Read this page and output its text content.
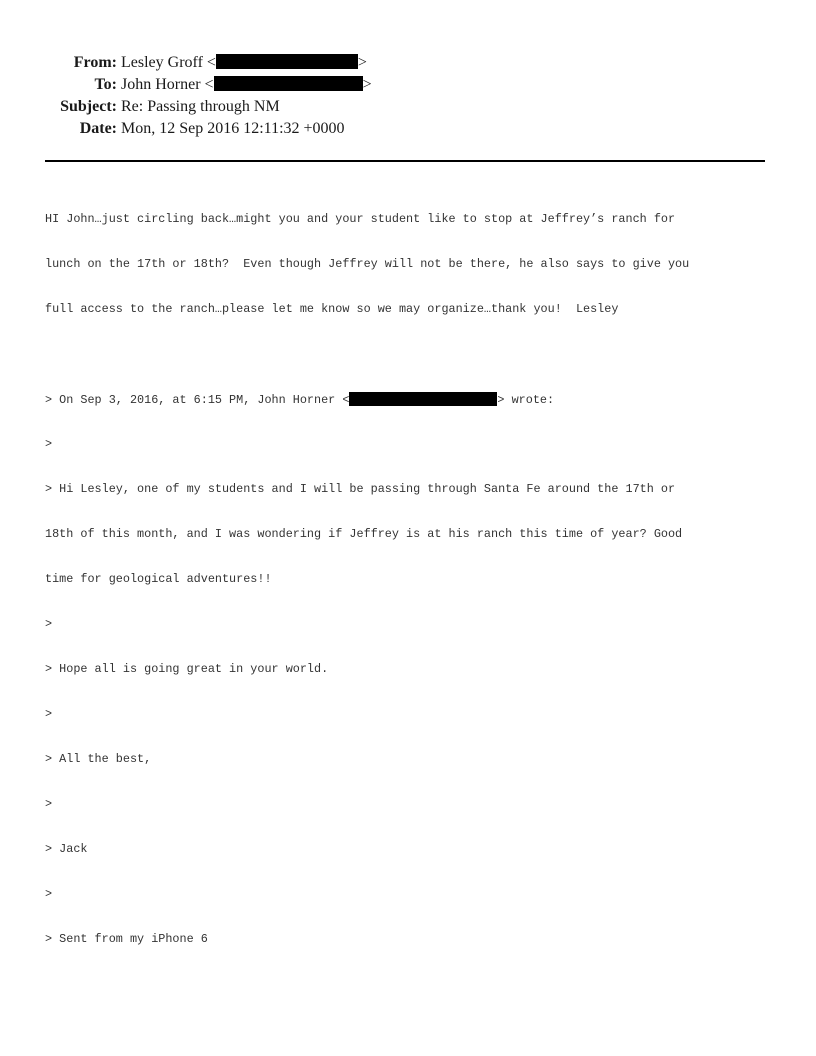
From: Lesley Groff <	>
To: John Horner <	>
Subject: Re: Passing through NM
Date: Mon, 12 Sep 2016 12:11:32 +0000

HI John…just circling back…might you and your student like to stop at Jeffrey’s ranch for

lunch on the 17th or 18th?  Even though Jeffrey will not be there, he also says to give you

full access to the ranch…please let me know so we may organize…thank you!  Lesley

> On Sep 3, 2016, at 6:15 PM, John Horner <	> wrote:

>

> Hi Lesley, one of my students and I will be passing through Santa Fe around the 17th or

18th of this month, and I was wondering if Jeffrey is at his ranch this time of year? Good

time for geological adventures!!

>

> Hope all is going great in your world.

>

> All the best,

>

> Jack

>

> Sent from my iPhone 6
